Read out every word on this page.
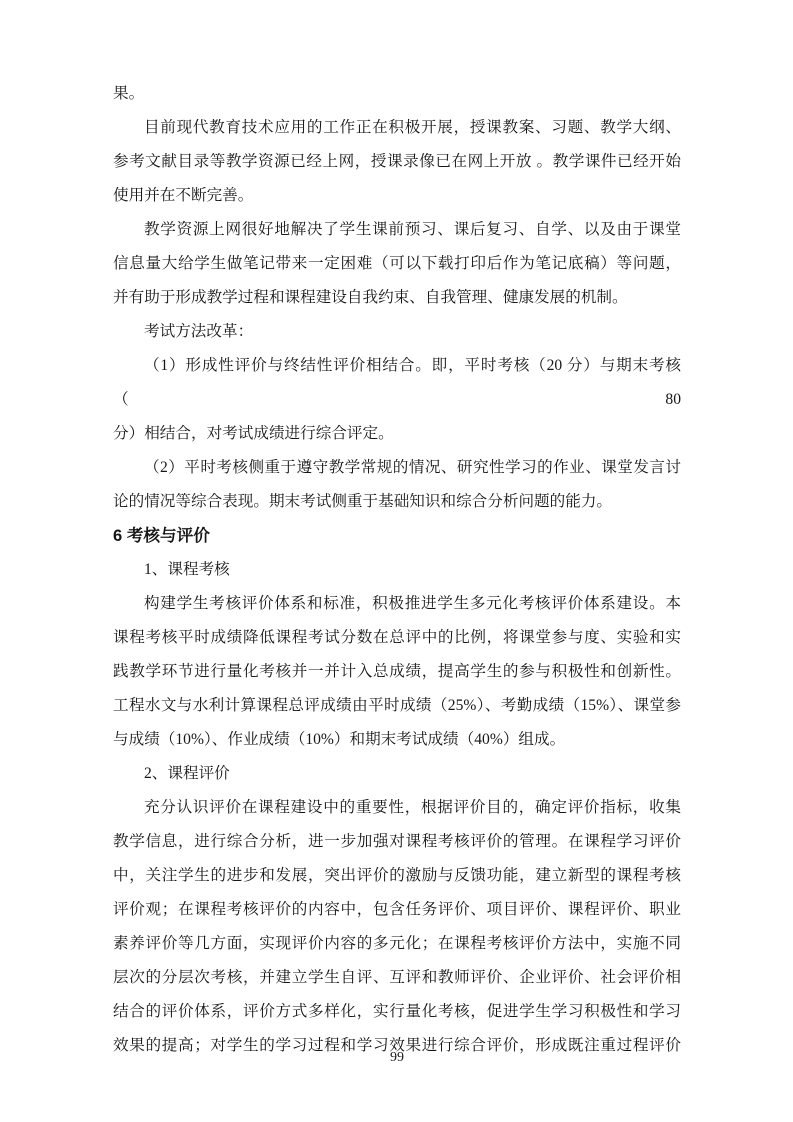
果。
目前现代教育技术应用的工作正在积极开展，授课教案、习题、教学大纲、
参考文献目录等教学资源已经上网，授课录像已在网上开放 。教学课件已经开始
使用并在不断完善。
教学资源上网很好地解决了学生课前预习、课后复习、自学、以及由于课堂
信息量大给学生做笔记带来一定困难（可以下载打印后作为笔记底稿）等问题，
并有助于形成教学过程和课程建设自我约束、自我管理、健康发展的机制。
考试方法改革：
（1）形成性评价与终结性评价相结合。即，平时考核（20 分）与期末考核（80
分）相结合，对考试成绩进行综合评定。
（2）平时考核侧重于遵守教学常规的情况、研究性学习的作业、课堂发言讨
论的情况等综合表现。期末考试侧重于基础知识和综合分析问题的能力。
6 考核与评价
1、课程考核
构建学生考核评价体系和标准，积极推进学生多元化考核评价体系建设。本
课程考核平时成绩降低课程考试分数在总评中的比例，将课堂参与度、实验和实
践教学环节进行量化考核并一并计入总成绩，提高学生的参与积极性和创新性。
工程水文与水利计算课程总评成绩由平时成绩（25%）、考勤成绩（15%）、课堂参
与成绩（10%）、作业成绩（10%）和期末考试成绩（40%）组成。
2、课程评价
充分认识评价在课程建设中的重要性，根据评价目的，确定评价指标，收集
教学信息，进行综合分析，进一步加强对课程考核评价的管理。在课程学习评价
中，关注学生的进步和发展，突出评价的激励与反馈功能，建立新型的课程考核
评价观；在课程考核评价的内容中，包含任务评价、项目评价、课程评价、职业
素养评价等几方面，实现评价内容的多元化；在课程考核评价方法中，实施不同
层次的分层次考核，并建立学生自评、互评和教师评价、企业评价、社会评价相
结合的评价体系，评价方式多样化，实行量化考核，促进学生学习积极性和学习
效果的提高；对学生的学习过程和学习效果进行综合评价，形成既注重过程评价
99
